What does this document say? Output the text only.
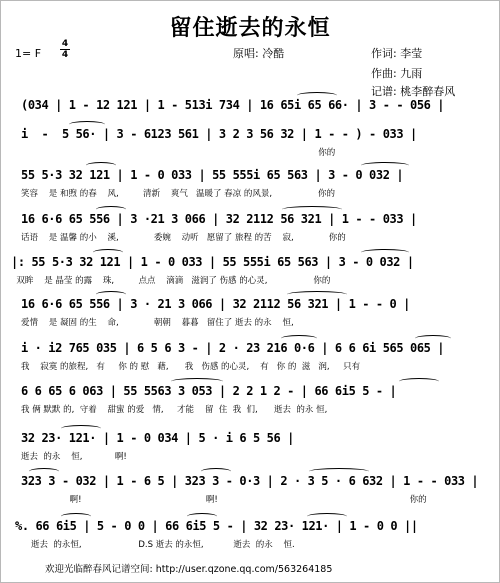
留住逝去的永恒
1= F
4
4	原唱: 冷酷	作词: 李莹
作曲: 九雨
记谱: 桃李醉春风
(034 | 1 - 12 121 | 1 - 513i 734 | 16 65i 65 66· | 3 - - 056 |
i  -  5 56· | 3 - 6123 561 | 3 2 3 56 32 | 1 - - ) - 033 |
你的
55 5·3 32 121 | 1 - 0 033 | 55 555i 65 563 | 3 - 0 032 |
笑容    是 和煦 的春    风,         清新    爽气   温暖了 春凉 的风景,                 你的
16 6·6 65 556 | 3 ·21 3 066 | 32 2112 56 321 | 1 - - 033 |
话语    是 温馨 的小    溪,             委婉    动听   愿留了 旅程 的苦    寂,             你的
|: 55 5·3 32 121 | 1 - 0 033 | 55 555i 65 563 | 3 - 0 032 |
双眸    是 晶莹 的露    珠,         点点    滴滴   滋润了 伤感 的心灵,                 你的
16 6·6 65 556 | 3 · 21 3 066 | 32 2112 56 321 | 1 - - 0 |
爱情    是 凝固 的生    命,             朝朝    暮暮   留住了 逝去 的永    恒,
i · i2 765 035 | 6 5 6 3 - | 2 · 23 216 0·6 | 6 6 6i 565 065 |
我    寂寞 的旅程,   有     你 的 慰   藉,      我   伤感 的心灵,    有   你 的  滋   润,     只有
6 6 65 6 063 | 55 5563 3 053 | 2 2 1 2 - | 66 6i5 5 - |
我 俩 默默 的,  守着    甜蜜 的爱   情,     才能    留  住  我  们,      逝去  的永 恒,
32 23· 121· | 1 - 0 034 | 5 · i 6 5 56 |
逝去  的永    恒,            啊!
323 3 - 032 | 1 - 6 5 | 323 3 - 0·3 | 2 · 3 5 · 6 632 | 1 - - 033 |
啊!                                              啊!                                                                       你的
%. 66 6i5 | 5 - 0 0 | 66 6i5 5 - | 32 23· 121· | 1 - 0 0 ||
逝去  的永恒,                     D.S 逝去 的永恒,           逝去  的永    恒.
欢迎光临醉春风记谱空间: http://user.qzone.qq.com/563264185
